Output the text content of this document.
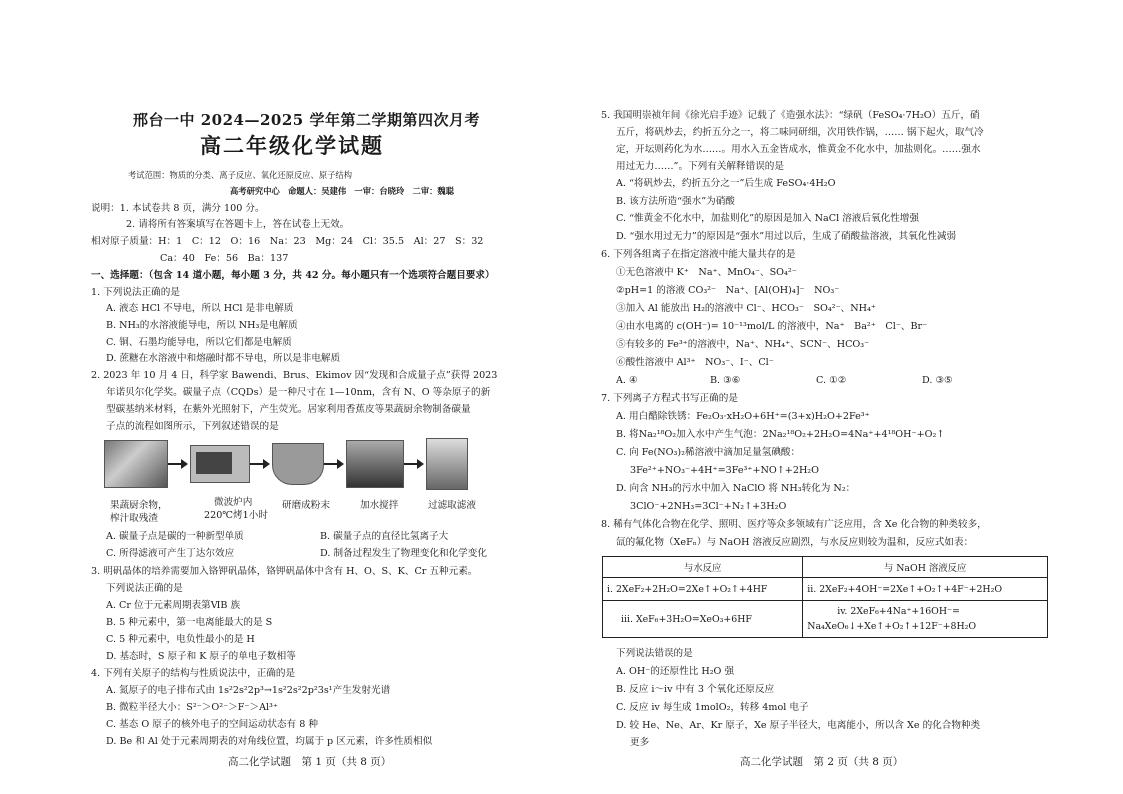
邢台一中 2024—2025 学年第二学期第四次月考
高二年级化学试题
考试范围：物质的分类、离子反应、氧化还原反应、原子结构
高考研究中心　命题人：吴建伟　一审：台晓玲　二审：魏聪
说明：1. 本试卷共 8 页，满分 100 分。
2. 请将所有答案填写在答题卡上，答在试卷上无效。
相对原子质量：H：1　C：12　O：16　Na：23　Mg：24　Cl：35.5　Al：27　S：32
Ca：40　Fe：56　Ba：137
一、选择题：（包含 14 道小题，每小题 3 分，共 42 分。每小题只有一个选项符合题目要求）
1. 下列说法正确的是
A. 液态 HCl 不导电，所以 HCl 是非电解质
B. NH₃的水溶液能导电，所以 NH₃是电解质
C. 铜、石墨均能导电，所以它们都是电解质
D. 蔗糖在水溶液中和熔融时都不导电，所以是非电解质
2. 2023 年 10 月 4 日，科学家 Bawendi、Brus、Ekimov 因“发现和合成量子点”获得 2023
年诺贝尔化学奖。碳量子点（CQDs）是一种尺寸在 1—10nm，含有 N、O 等杂原子的新
型碳基纳米材料，在紫外光照射下，产生荧光。居家利用香蕉皮等果蔬厨余物制备碳量
子点的流程如图所示，下列叙述错误的是
果蔬厨余物，
榨汁取残渣
微波炉内
220℃烤1小时
研磨成粉末	加水搅拌	过滤取滤液
A. 碳量子点是碳的一种新型单质	B. 碳量子点的直径比氢离子大
C. 所得滤液可产生丁达尔效应	D. 制备过程发生了物理变化和化学变化
3. 明矾晶体的培养需要加入铬钾矾晶体，铬钾矾晶体中含有 H、O、S、K、Cr 五种元素。
下列说法正确的是
A. Cr 位于元素周期表第ⅥB 族
B. 5 种元素中，第一电离能最大的是 S
C. 5 种元素中，电负性最小的是 H
D. 基态时，S 原子和 K 原子的单电子数相等
4. 下列有关原子的结构与性质说法中，正确的是
A. 氮原子的电子排布式由 1s²2s²2p³→1s²2s²2p²3s¹产生发射光谱
B. 微粒半径大小：S²⁻＞O²⁻＞F⁻＞Al³⁺
C. 基态 O 原子的核外电子的空间运动状态有 8 种
D. Be 和 Al 处于元素周期表的对角线位置，均属于 p 区元素，许多性质相似
高二化学试题　第 1 页（共 8 页）
5. 我国明崇祯年间《徐光启手迹》记载了《造强水法》：“绿矾（FeSO₄·7H₂O）五斤，硝
五斤，将矾炒去，约折五分之一，将二味同研细，次用铁作锅，…… 锅下起火，取气冷
定，开坛则药化为水……。用水入五金皆成水，惟黄金不化水中，加盐则化。……强水
用过无力……”。下列有关解释错误的是
A. “将矾炒去，约折五分之一”后生成 FeSO₄·4H₂O
B. 该方法所造“强水”为硝酸
C. “惟黄金不化水中，加盐则化”的原因是加入 NaCl 溶液后氧化性增强
D. “强水用过无力”的原因是“强水”用过以后，生成了硝酸盐溶液，其氧化性减弱
6. 下列各组离子在指定溶液中能大量共存的是
①无色溶液中 K⁺　Na⁺、MnO₄⁻、SO₄²⁻
②pH=1 的溶液 CO₃²⁻　Na⁺、[Al(OH)₄]⁻　NO₃⁻
③加入 Al 能放出 H₂的溶液中 Cl⁻、HCO₃⁻　SO₄²⁻、NH₄⁺
④由水电离的 c(OH⁻)= 10⁻¹³mol/L 的溶液中，Na⁺　Ba²⁺　Cl⁻、Br⁻
⑤有较多的 Fe³⁺的溶液中，Na⁺、NH₄⁺、SCN⁻、HCO₃⁻
⑥酸性溶液中 Al³⁺　NO₃⁻、I⁻、Cl⁻
A. ④	B. ③⑥	C. ①②	D. ③⑤
7. 下列离子方程式书写正确的是
A. 用白醋除铁锈：Fe₂O₃·xH₂O+6H⁺=(3+x)H₂O+2Fe³⁺
B. 将Na₂¹⁸O₂加入水中产生气泡：2Na₂¹⁸O₂+2H₂O=4Na⁺+4¹⁸OH⁻+O₂↑
C. 向 Fe(NO₃)₂稀溶液中滴加足量氢碘酸：
3Fe²⁺+NO₃⁻+4H⁺=3Fe³⁺+NO↑+2H₂O
D. 向含 NH₃的污水中加入 NaClO 将 NH₃转化为 N₂：
3ClO⁻+2NH₃=3Cl⁻+N₂↑+3H₂O
8. 稀有气体化合物在化学、照明、医疗等众多领域有广泛应用，含 Xe 化合物的种类较多，
氙的氟化物（XeFₙ）与 NaOH 溶液反应剧烈，与水反应则较为温和，反应式如表：
与水反应	与 NaOH 溶液反应
i. 2XeF₂+2H₂O=2Xe↑+O₂↑+4HF	ii. 2XeF₂+4OH⁻=2Xe↑+O₂↑+4F⁻+2H₂O
iii. XeF₆+3H₂O=XeO₃+6HF	iv. 2XeF₆+4Na⁺+16OH⁻=
Na₄XeO₆↓+Xe↑+O₂↑+12F⁻+8H₂O
下列说法错误的是
A. OH⁻的还原性比 H₂O 强
B. 反应 i～iv 中有 3 个氧化还原反应
C. 反应 iv 每生成 1molO₂，转移 4mol 电子
D. 较 He、Ne、Ar、Kr 原子，Xe 原子半径大，电离能小，所以含 Xe 的化合物种类
更多
高二化学试题　第 2 页（共 8 页）
